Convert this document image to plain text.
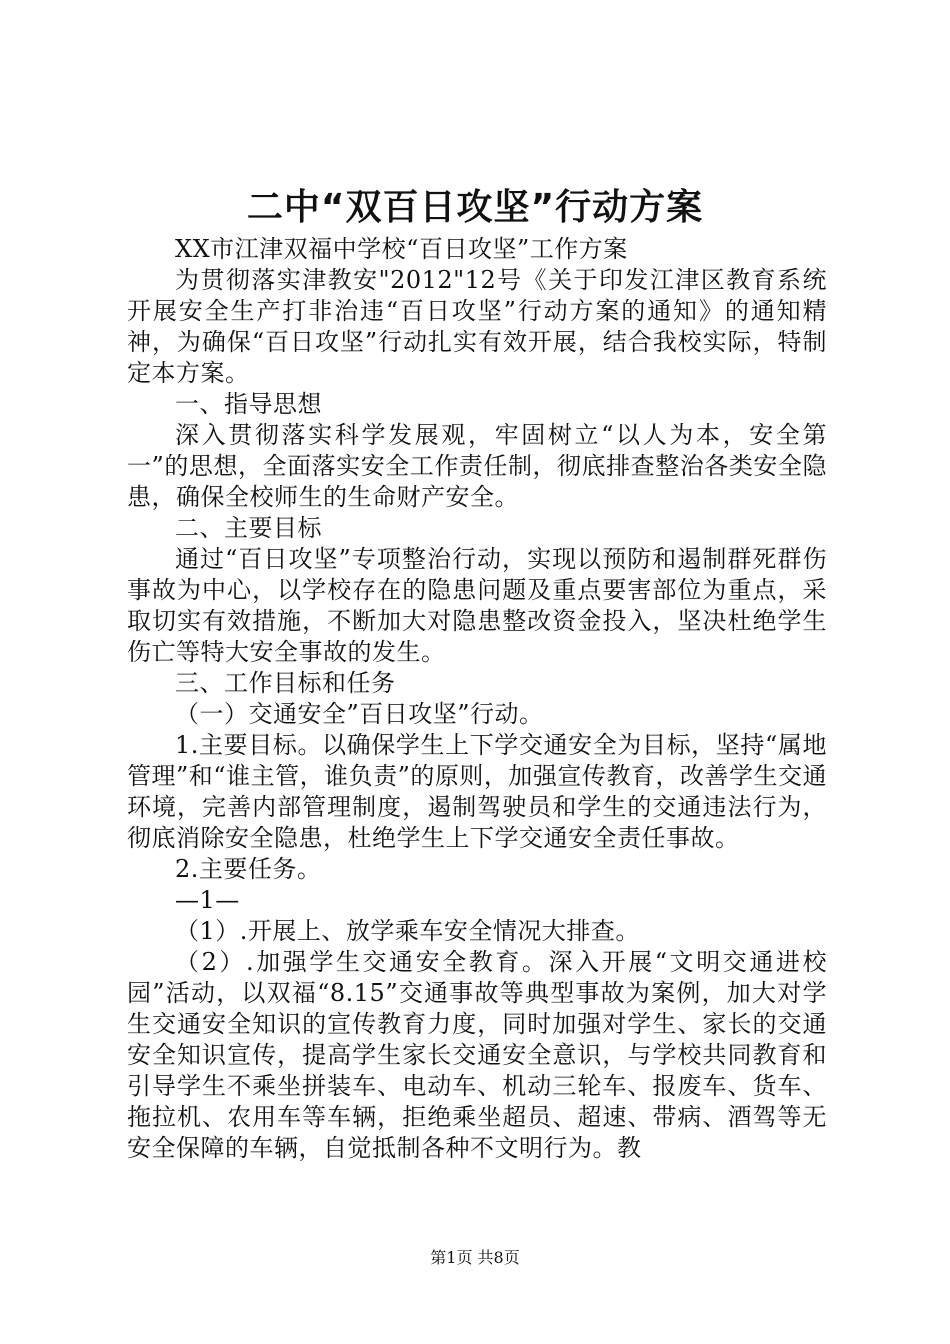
二中“双百日攻坚”行动方案

XX市江津双福中学校“百日攻坚”工作方案

为贯彻落实津教安"2012"12号《关于印发江津区教育系统开展安全生产打非治违“百日攻坚”行动方案的通知》的通知精神，为确保“百日攻坚”行动扎实有效开展，结合我校实际，特制定本方案。

一、指导思想

深入贯彻落实科学发展观，牢固树立“以人为本，安全第一”的思想，全面落实安全工作责任制，彻底排查整治各类安全隐患，确保全校师生的生命财产安全。

二、主要目标

通过“百日攻坚”专项整治行动，实现以预防和遏制群死群伤事故为中心，以学校存在的隐患问题及重点要害部位为重点，采取切实有效措施，不断加大对隐患整改资金投入，坚决杜绝学生伤亡等特大安全事故的发生。

三、工作目标和任务

（一）交通安全”百日攻坚”行动。

1.主要目标。以确保学生上下学交通安全为目标，坚持“属地管理”和“谁主管，谁负责”的原则，加强宣传教育，改善学生交通环境，完善内部管理制度，遏制驾驶员和学生的交通违法行为，彻底消除安全隐患，杜绝学生上下学交通安全责任事故。

2.主要任务。

—1—

（1）.开展上、放学乘车安全情况大排查。

（2）.加强学生交通安全教育。深入开展“文明交通进校园”活动，以双福“8.15”交通事故等典型事故为案例，加大对学生交通安全知识的宣传教育力度，同时加强对学生、家长的交通安全知识宣传，提高学生家长交通安全意识，与学校共同教育和引导学生不乘坐拼装车、电动车、机动三轮车、报废车、货车、拖拉机、农用车等车辆，拒绝乘坐超员、超速、带病、酒驾等无安全保障的车辆，自觉抵制各种不文明行为。教

第1页 共8页
